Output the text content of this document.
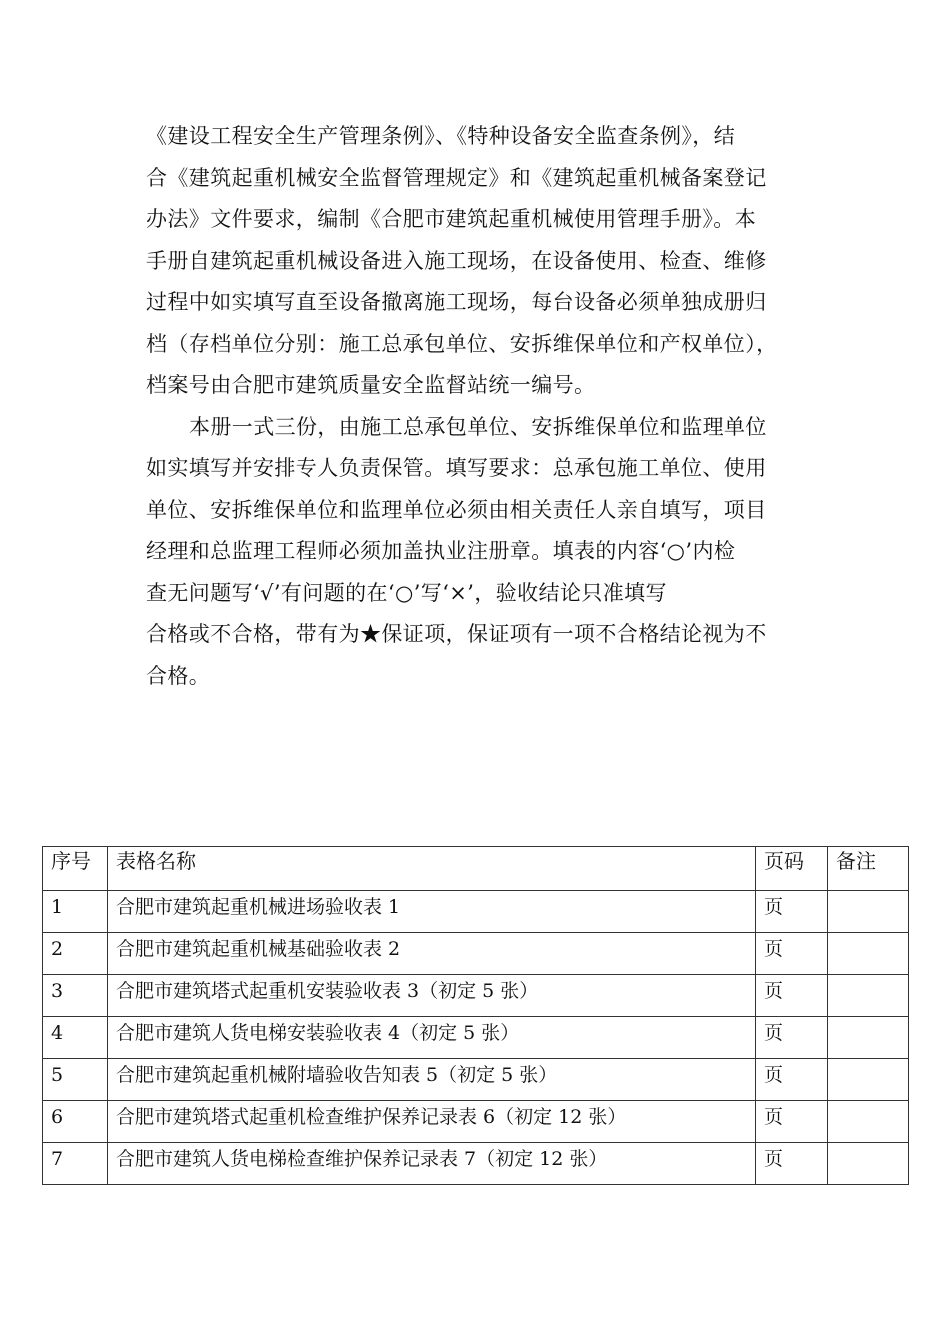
《建设工程安全生产管理条例》、《特种设备安全监查条例》，结
合《建筑起重机械安全监督管理规定》和《建筑起重机械备案登记
办法》文件要求，编制《合肥市建筑起重机械使用管理手册》。本
手册自建筑起重机械设备进入施工现场，在设备使用、检查、维修
过程中如实填写直至设备撤离施工现场，每台设备必须单独成册归
档（存档单位分别：施工总承包单位、安拆维保单位和产权单位），
档案号由合肥市建筑质量安全监督站统一编号。
本册一式三份，由施工总承包单位、安拆维保单位和监理单位
如实填写并安排专人负责保管。填写要求：总承包施工单位、使用
单位、安拆维保单位和监理单位必须由相关责任人亲自填写，项目
经理和总监理工程师必须加盖执业注册章。填表的内容‘○’内检
查无问题写‘√’有问题的在‘○’写‘×’，验收结论只准填写
合格或不合格，带有为★保证项，保证项有一项不合格结论视为不
合格。
序号	表格名称	页码	备注
1	合肥市建筑起重机械进场验收表 1	页	
2	合肥市建筑起重机械基础验收表 2	页	
3	合肥市建筑塔式起重机安装验收表 3（初定 5 张）	页	
4	合肥市建筑人货电梯安装验收表 4（初定 5 张）	页	
5	合肥市建筑起重机械附墙验收告知表 5（初定 5 张）	页	
6	合肥市建筑塔式起重机检查维护保养记录表 6（初定 12 张）	页	
7	合肥市建筑人货电梯检查维护保养记录表 7（初定 12 张）	页	
